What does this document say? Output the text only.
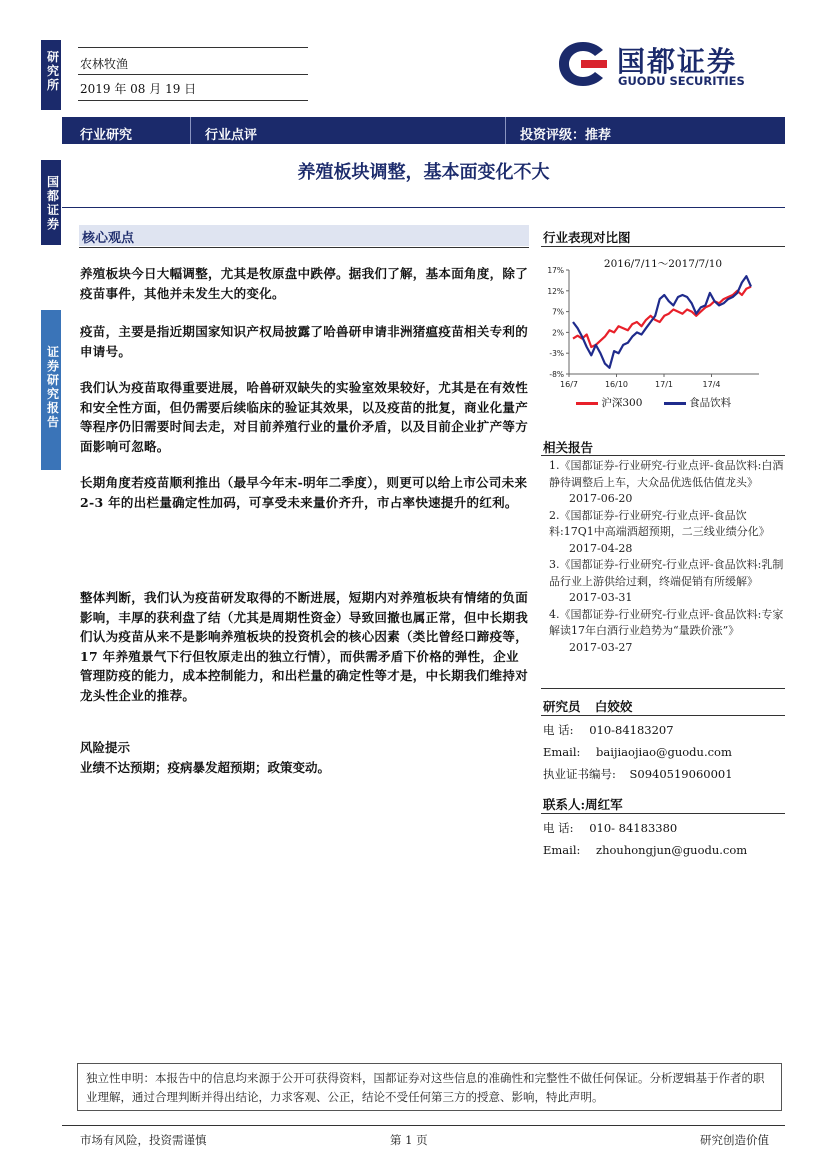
研究所
国都证券
证券研究报告
农林牧渔
2019 年 08 月 19 日
国都证券
GUODU SECURITIES
行业研究	行业点评	投资评级：推荐
养殖板块调整，基本面变化不大
核心观点

养殖板块今日大幅调整，尤其是牧原盘中跌停。据我们了解，基本面角度，除了疫苗事件，其他并未发生大的变化。

疫苗，主要是指近期国家知识产权局披露了哈兽研申请非洲猪瘟疫苗相关专利的申请号。

我们认为疫苗取得重要进展，哈兽研双缺失的实验室效果较好，尤其是在有效性和安全性方面，但仍需要后续临床的验证其效果，以及疫苗的批复，商业化量产等程序仍旧需要时间去走，对目前养殖行业的量价矛盾，以及目前企业扩产等方面影响可忽略。

长期角度若疫苗顺利推出（最早今年末-明年二季度），则更可以给上市公司未来 2-3 年的出栏量确定性加码，可享受未来量价齐升，市占率快速提升的红利。

整体判断，我们认为疫苗研发取得的不断进展，短期内对养殖板块有情绪的负面影响，丰厚的获利盘了结（尤其是周期性资金）导致回撤也属正常，但中长期我们认为疫苗从来不是影响养殖板块的投资机会的核心因素（类比曾经口蹄疫等，17 年养殖景气下行但牧原走出的独立行情），而供需矛盾下价格的弹性，企业管理防疫的能力，成本控制能力，和出栏量的确定性等才是，中长期我们维持对龙头性企业的推荐。

风险提示
业绩不达预期；疫病暴发超预期；政策变动。
行业表现对比图
2016/7/11～2017/7/10
17%
12%
7%
2%
-3%
-8%
16/7	16/10	17/1	17/4
沪深300	食品饮料
相关报告
1.《国都证券-行业研究-行业点评-食品饮料:白酒静待调整后上车，大众品优选低估值龙头》 2017-06-20
2.《国都证券-行业研究-行业点评-食品饮料:17Q1中高端酒超预期，二三线业绩分化》 2017-04-28
3.《国都证券-行业研究-行业点评-食品饮料:乳制品行业上游供给过剩，终端促销有所缓解》 2017-03-31
4.《国都证券-行业研究-行业点评-食品饮料:专家解读17年白酒行业趋势为“量跌价涨”》 2017-03-27
研究员 白姣姣
电 话: 010-84183207
Email: baijiaojiao@guodu.com
执业证书编号: S0940519060001
联系人:周红军
电 话: 010- 84183380
Email: zhouhongjun@guodu.com
独立性申明：本报告中的信息均来源于公开可获得资料，国都证券对这些信息的准确性和完整性不做任何保证。分析逻辑基于作者的职业理解，通过合理判断并得出结论，力求客观、公正，结论不受任何第三方的授意、影响，特此声明。
市场有风险，投资需谨慎	第 1 页	研究创造价值
